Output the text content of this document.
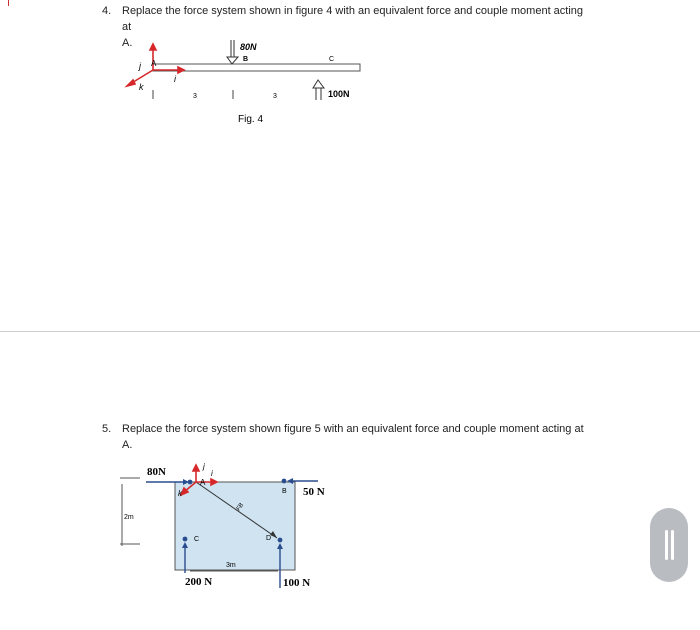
4. Replace the force system shown in figure 4 with an equivalent force and couple moment acting
at A.
i
j
k
A
80N
B	C
100N
3	3
Fig. 4
5. Replace the force system shown figure 5 with an equivalent force and couple moment acting at
A.
2m
FB
i
j
k
A
80N
B 50 N
C
200 N
D
100 N
3m
